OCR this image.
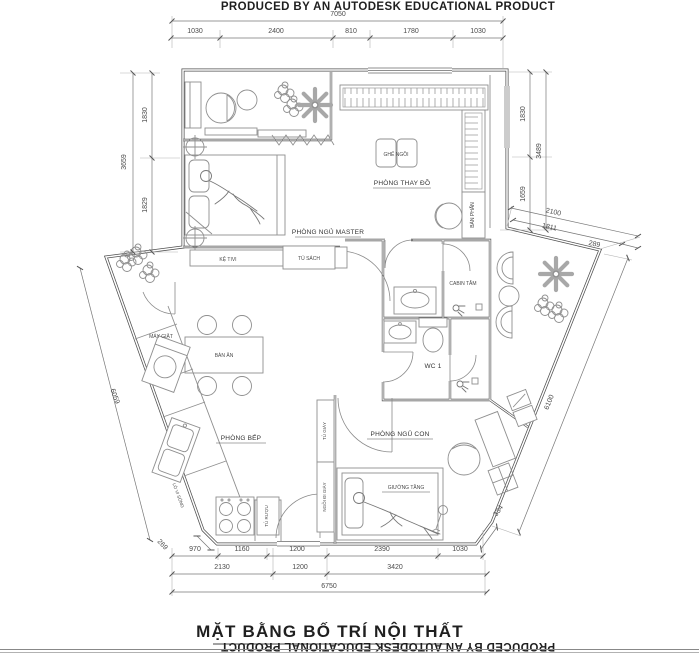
PHÒNG NGỦ MASTER
BÀN PHẤN
GHẾ NGỒI
PHÒNG THAY ĐỒ
CABIN TẮM
WC 1
KỆ TIVI	TỦ SÁCH
BÀN ĂN
MÁY GIẶT
LÒ VI SÓNG
TỦ RƯỢU
PHÒNG BẾP	TỦ GIÀY
NGỒI ĐI GIÀY
PHÒNG NGỦ CON
GIƯỜNG TẦNG
7050
1030	2400	810	1780	1030
3659
1830
1829
6059
269
1830
1659
3489
2100
1811
289
6100
334
970	1160	1200	2390	1030
2130	1200	3420
6750
PRODUCED BY AN AUTODESK EDUCATIONAL PRODUCT
MẶT BẰNG BỐ TRÍ NỘI THẤT
PRODUCED BY AN AUTODESK EDUCATIONAL PRODUCT
